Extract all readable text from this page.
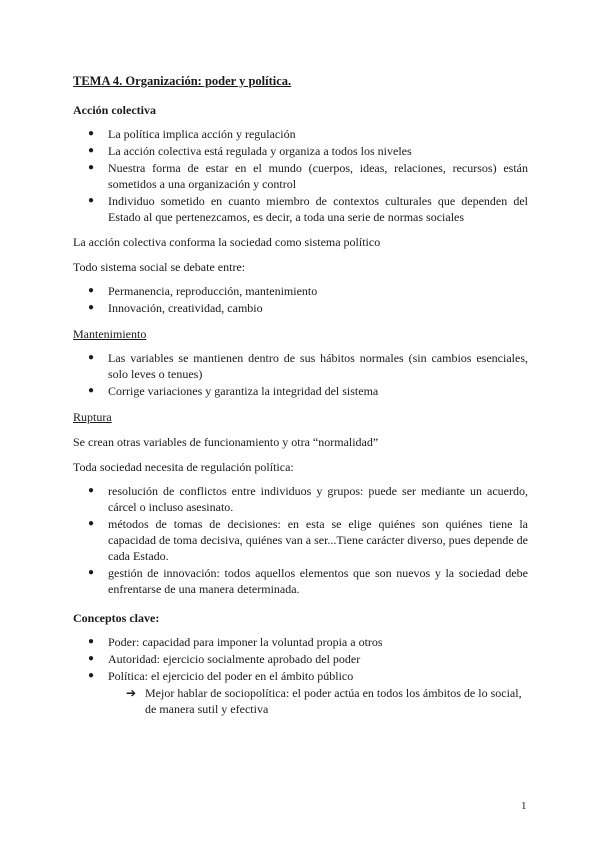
TEMA 4. Organización: poder y política.
Acción colectiva
● La política implica acción y regulación
● La acción colectiva está regulada y organiza a todos los niveles
● Nuestra forma de estar en el mundo (cuerpos, ideas, relaciones, recursos) están sometidos a una organización y control
● Individuo sometido en cuanto miembro de contextos culturales que dependen del Estado al que pertenezcamos, es decir, a toda una serie de normas sociales

La acción colectiva conforma la sociedad como sistema político

Todo sistema social se debate entre:

● Permanencia, reproducción, mantenimiento
● Innovación, creatividad, cambio
Mantenimiento
● Las variables se mantienen dentro de sus hábitos normales (sin cambios esenciales, solo leves o tenues)
● Corrige variaciones y garantiza la integridad del sistema
Ruptura

Se crean otras variables de funcionamiento y otra “normalidad”

Toda sociedad necesita de regulación política:

● resolución de conflictos entre individuos y grupos: puede ser mediante un acuerdo, cárcel o incluso asesinato.
● métodos de tomas de decisiones: en esta se elige quiénes son quiénes tiene la capacidad de toma decisiva, quiénes van a ser...Tiene carácter diverso, pues depende de cada Estado.
● gestión de innovación: todos aquellos elementos que son nuevos y la sociedad debe enfrentarse de una manera determinada.
Conceptos clave:
● Poder: capacidad para imponer la voluntad propia a otros
● Autoridad: ejercicio socialmente aprobado del poder
● Política: el ejercicio del poder en el ámbito público
➔ Mejor hablar de sociopolítica: el poder actúa en todos los ámbitos de lo social, de manera sutil y efectiva
1
